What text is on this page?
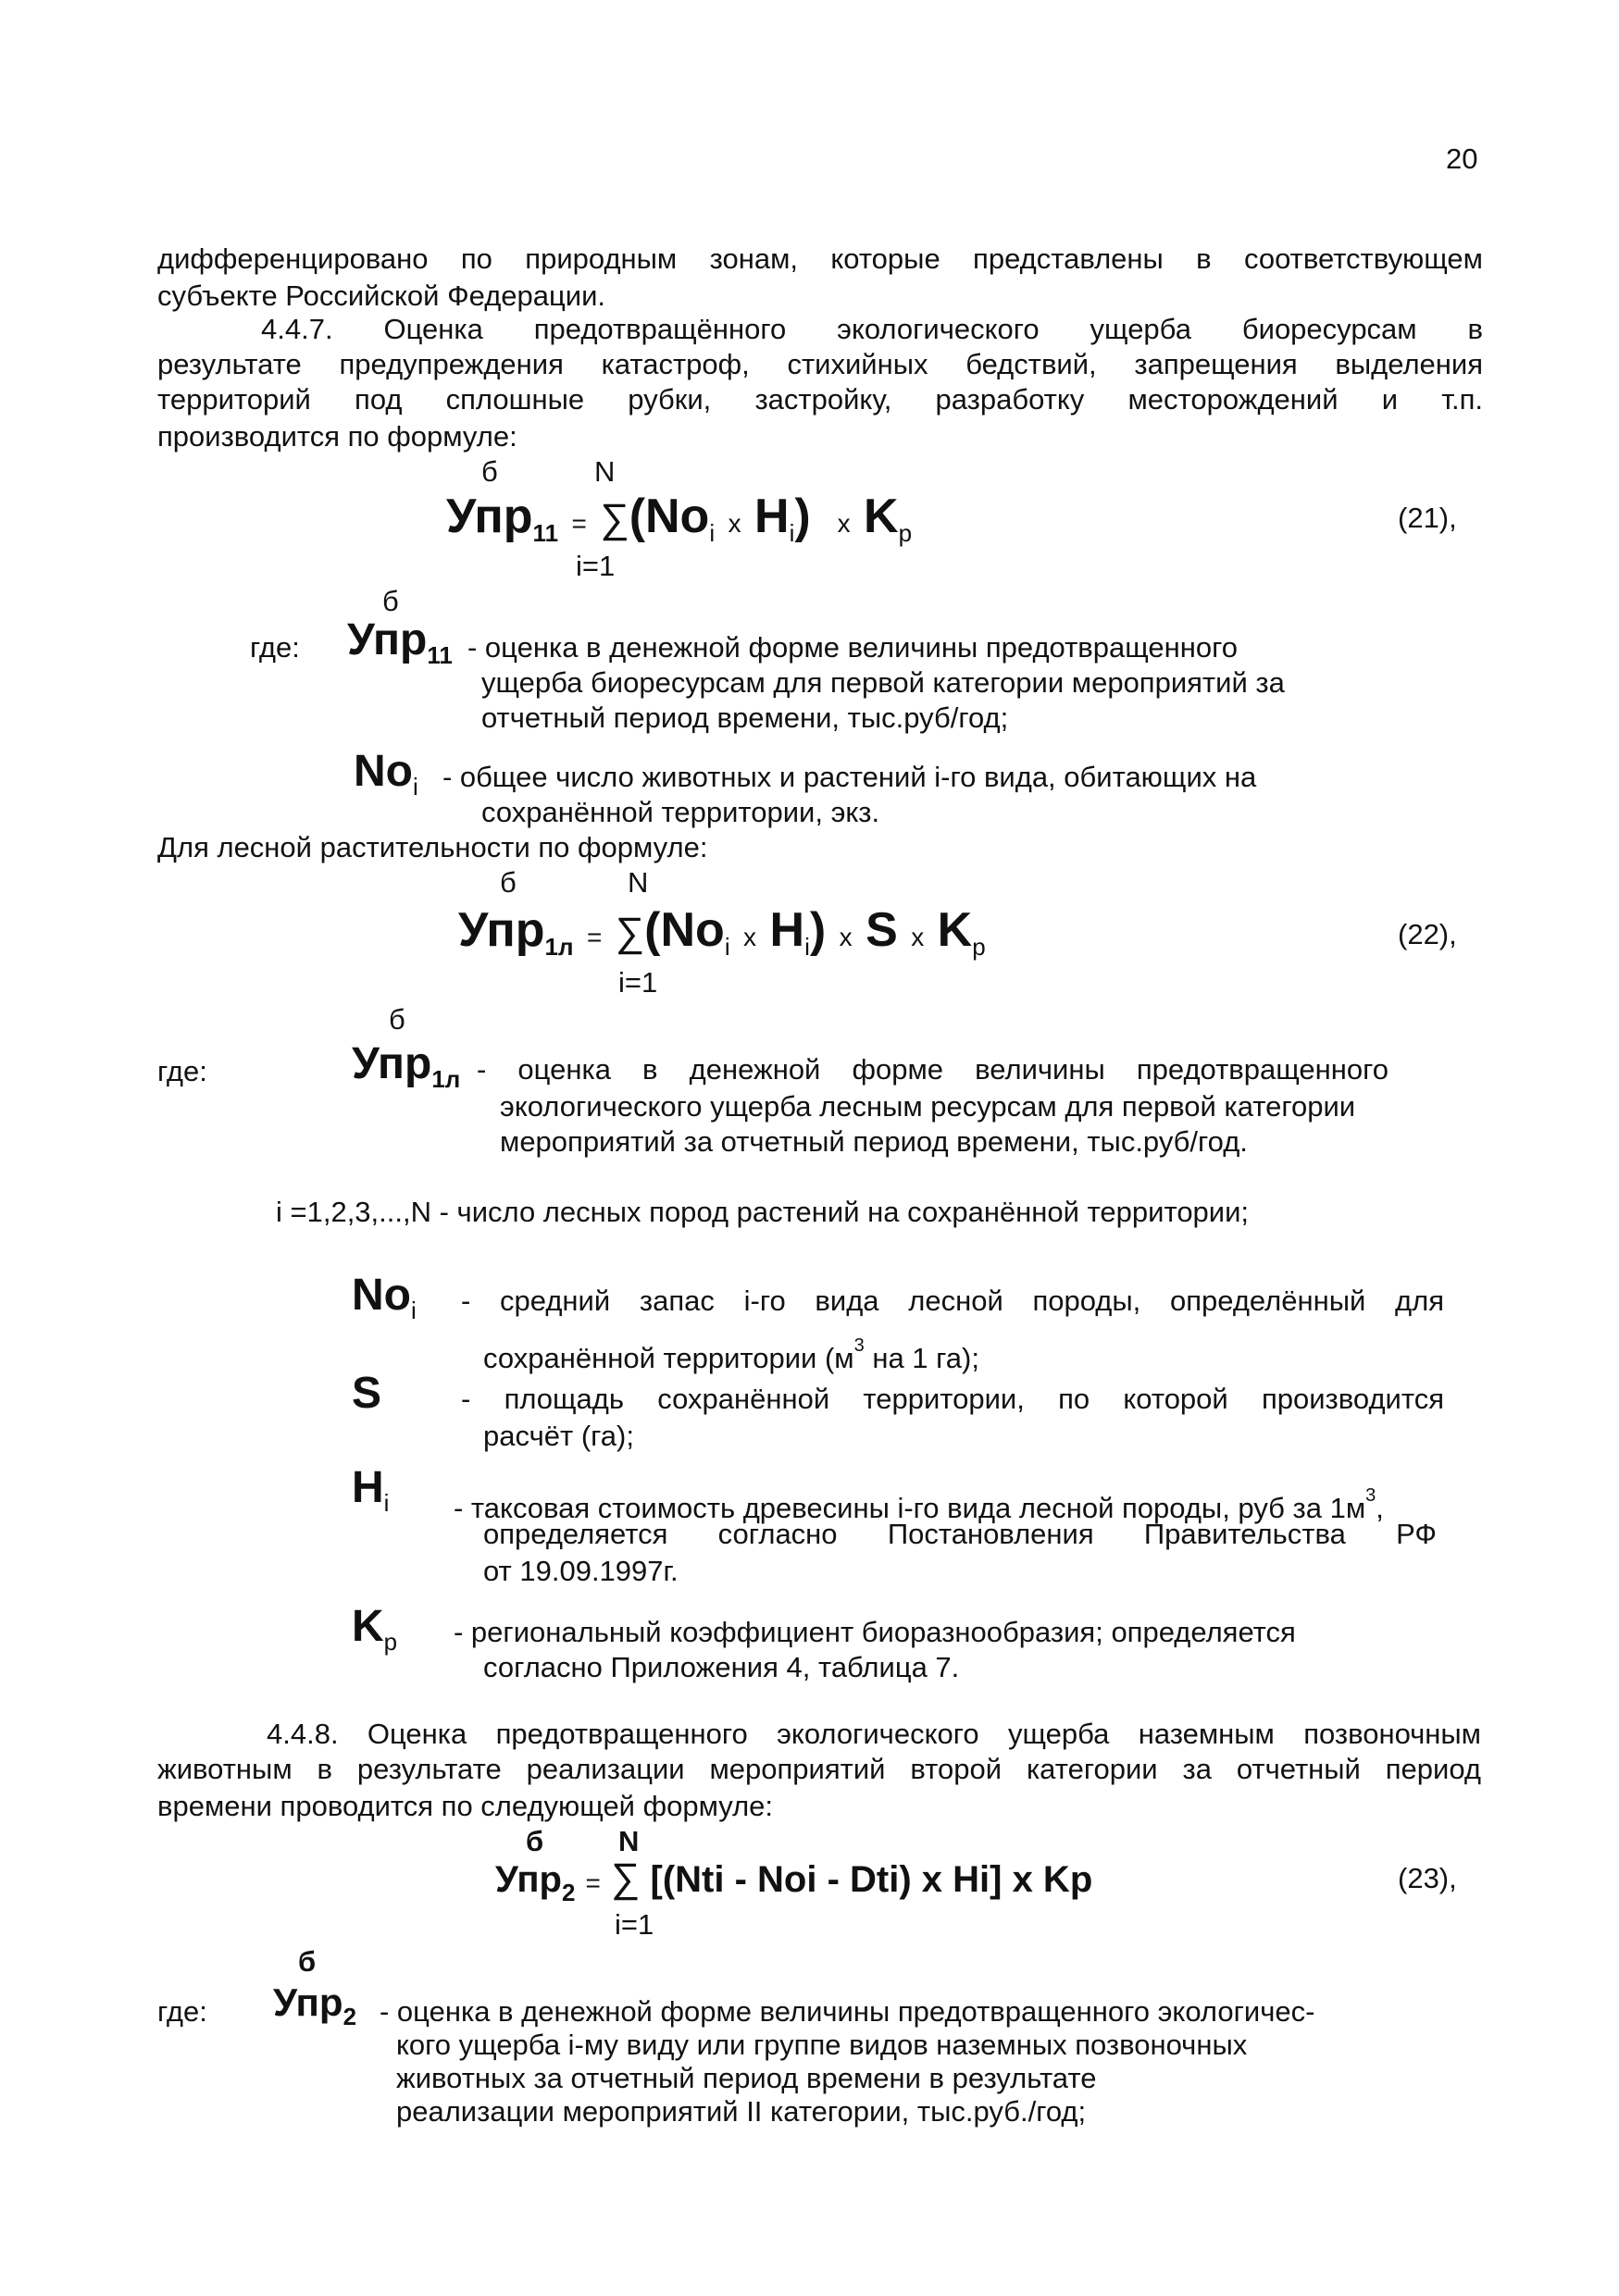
20
дифференцировано по природным зонам, которые представлены в соответствующем
субъекте Российской Федерации.
4.4.7. Оценка предотвращённого экологического ущерба биоресурсам в
результате предупреждения катастроф, стихийных бедствий, запрещения выделения
территорий под сплошные рубки, застройку, разработку месторождений и т.п.
производится по формуле:
б	N
$Упр_{11} = \sum(No_i$ x $H_i$) x $K_p$	(21),
i=1
б
где: Упр$_{11}$ - оценка в денежной форме величины предотвращенного
ущерба биоресурсам для первой категории мероприятий за
отчетный период времени, тыс.руб/год;
$No_i$ - общее число животных и растений i-го вида, обитающих на
сохранённой территории, экз.
Для лесной растительности по формуле:
б	N
$Упр_{1л} = \sum(No_i$ x $H_i$) x S x $K_p$	(22),
i=1
б
где:	Упр$_{1л}$ - оценка в денежной форме величины предотвращенного
экологического ущерба лесным ресурсам для первой категории
мероприятий за отчетный период времени, тыс.руб/год.
i =1,2,3,...,N - число лесных пород растений на сохранённой территории;
$No_i$ - средний запас i-го вида лесной породы, определённый для
сохранённой территории ($м^3$ на 1 га);
S	- площадь сохранённой территории, по которой производится
расчёт (га);
$H_i$ - таксовая стоимость древесины i-го вида лесной породы, руб за $1м^3$,
определяется согласно Постановления Правительства РФ
от 19.09.1997г.
$K_p$ - региональный коэффициент биоразнообразия; определяется
согласно Приложения 4, таблица 7.
4.4.8. Оценка предотвращенного экологического ущерба наземным позвоночным
животным в результате реализации мероприятий второй категории за отчетный период
времени проводится по следующей формуле:
б	N
Упр$_2$ = ∑ [(Nti - Noi - Dti) x Hi] x Kp	(23),
i=1
б
где: Упр$_2$ - оценка в денежной форме величины предотвращенного экологичес-
кого ущерба i-му виду или группе видов наземных позвоночных
животных за отчетный период времени в результате
реализации мероприятий II категории, тыс.руб./год;
